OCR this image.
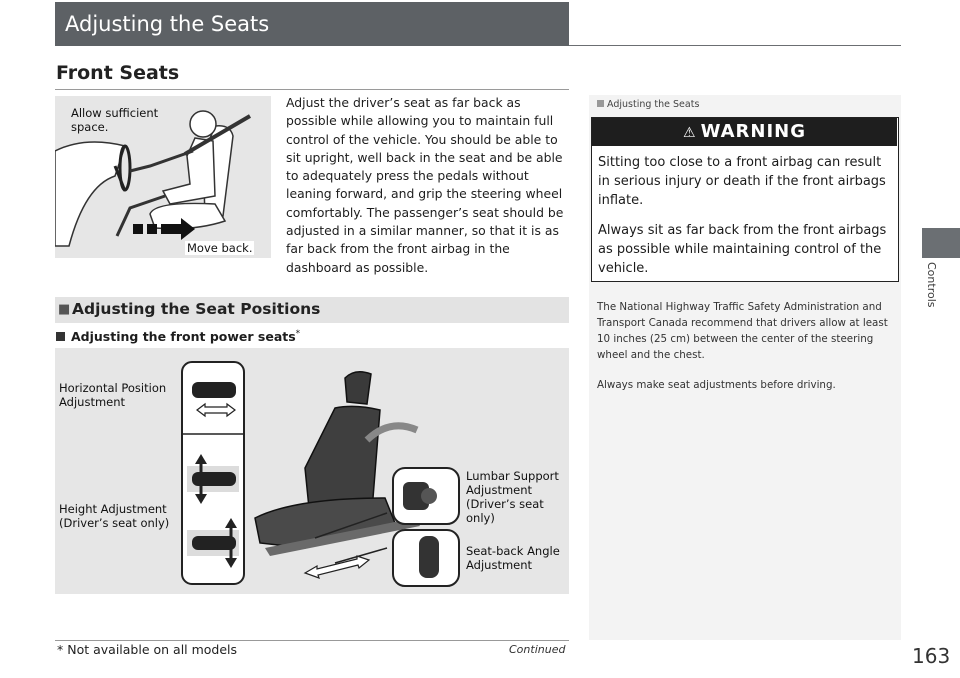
Adjusting the Seats
Controls
Front Seats
Allow sufficient space.
Move back.
Adjust the driver’s seat as far back as possible while allowing you to maintain full control of the vehicle. You should be able to sit upright, well back in the seat and be able to adequately press the pedals without leaning forward, and grip the steering wheel comfortably. The passenger’s seat should be adjusted in a similar manner, so that it is as far back from the front airbag in the dashboard as possible.
■ Adjusting the Seat Positions
Adjusting the front power seats*
Horizontal Position Adjustment
Height Adjustment (Driver’s seat only)
Lumbar Support Adjustment (Driver’s seat only)
Seat-back Angle Adjustment
Adjusting the Seats
⚠ WARNING
Sitting too close to a front airbag can result in serious injury or death if the front airbags inflate.
Always sit as far back from the front airbags as possible while maintaining control of the vehicle.
The National Highway Traffic Safety Administration and Transport Canada recommend that drivers allow at least 10 inches (25 cm) between the center of the steering wheel and the chest.
Always make seat adjustments before driving.
* Not available on all models	Continued	163
